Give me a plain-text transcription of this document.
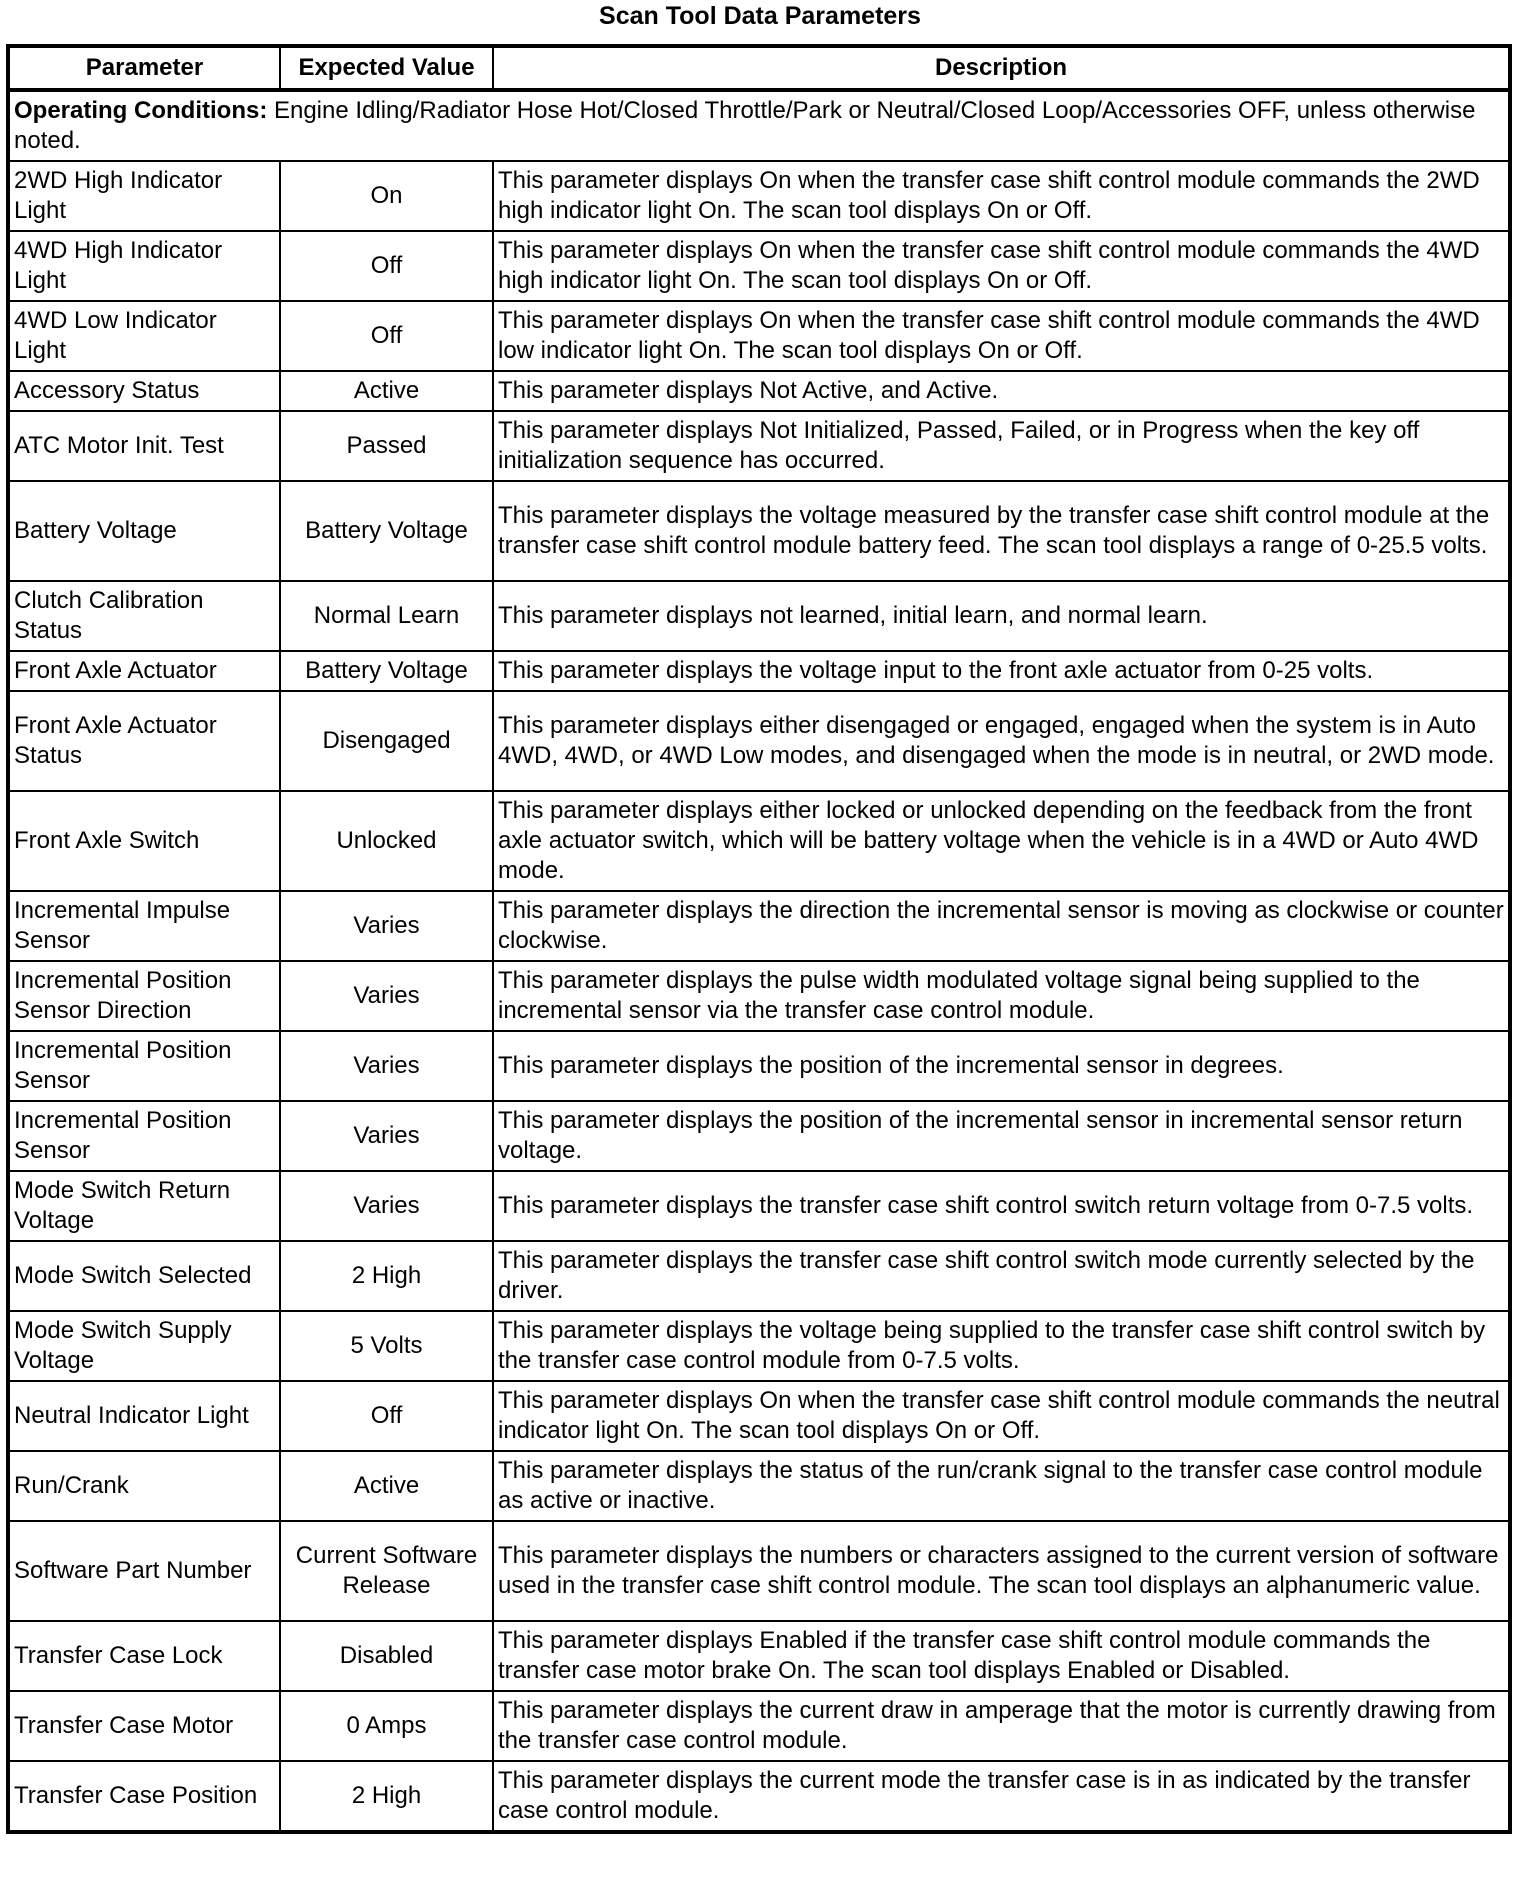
Scan Tool Data Parameters
Parameter	Expected Value	Description
Operating Conditions: Engine Idling/Radiator Hose Hot/Closed Throttle/Park or Neutral/Closed Loop/Accessories OFF, unless otherwise noted.		
2WD High Indicator Light	On	This parameter displays On when the transfer case shift control module commands the 2WD high indicator light On. The scan tool displays On or Off.
4WD High Indicator Light	Off	This parameter displays On when the transfer case shift control module commands the 4WD high indicator light On. The scan tool displays On or Off.
4WD Low Indicator Light	Off	This parameter displays On when the transfer case shift control module commands the 4WD low indicator light On. The scan tool displays On or Off.
Accessory Status	Active	This parameter displays Not Active, and Active.
ATC Motor Init. Test	Passed	This parameter displays Not Initialized, Passed, Failed, or in Progress when the key off initialization sequence has occurred.
Battery Voltage	Battery Voltage	This parameter displays the voltage measured by the transfer case shift control module at the transfer case shift control module battery feed. The scan tool displays a range of 0-25.5 volts.
Clutch Calibration Status	Normal Learn	This parameter displays not learned, initial learn, and normal learn.
Front Axle Actuator	Battery Voltage	This parameter displays the voltage input to the front axle actuator from 0-25 volts.
Front Axle Actuator Status	Disengaged	This parameter displays either disengaged or engaged, engaged when the system is in Auto 4WD, 4WD, or 4WD Low modes, and disengaged when the mode is in neutral, or 2WD mode.
Front Axle Switch	Unlocked	This parameter displays either locked or unlocked depending on the feedback from the front axle actuator switch, which will be battery voltage when the vehicle is in a 4WD or Auto 4WD mode.
Incremental Impulse Sensor	Varies	This parameter displays the direction the incremental sensor is moving as clockwise or counter clockwise.
Incremental Position Sensor Direction	Varies	This parameter displays the pulse width modulated voltage signal being supplied to the incremental sensor via the transfer case control module.
Incremental Position Sensor	Varies	This parameter displays the position of the incremental sensor in degrees.
Incremental Position Sensor	Varies	This parameter displays the position of the incremental sensor in incremental sensor return voltage.
Mode Switch Return Voltage	Varies	This parameter displays the transfer case shift control switch return voltage from 0-7.5 volts.
Mode Switch Selected	2 High	This parameter displays the transfer case shift control switch mode currently selected by the driver.
Mode Switch Supply Voltage	5 Volts	This parameter displays the voltage being supplied to the transfer case shift control switch by the transfer case control module from 0-7.5 volts.
Neutral Indicator Light	Off	This parameter displays On when the transfer case shift control module commands the neutral indicator light On. The scan tool displays On or Off.
Run/Crank	Active	This parameter displays the status of the run/crank signal to the transfer case control module as active or inactive.
Software Part Number	Current Software Release	This parameter displays the numbers or characters assigned to the current version of software used in the transfer case shift control module. The scan tool displays an alphanumeric value.
Transfer Case Lock	Disabled	This parameter displays Enabled if the transfer case shift control module commands the transfer case motor brake On. The scan tool displays Enabled or Disabled.
Transfer Case Motor	0 Amps	This parameter displays the current draw in amperage that the motor is currently drawing from the transfer case control module.
Transfer Case Position	2 High	This parameter displays the current mode the transfer case is in as indicated by the transfer case control module.
